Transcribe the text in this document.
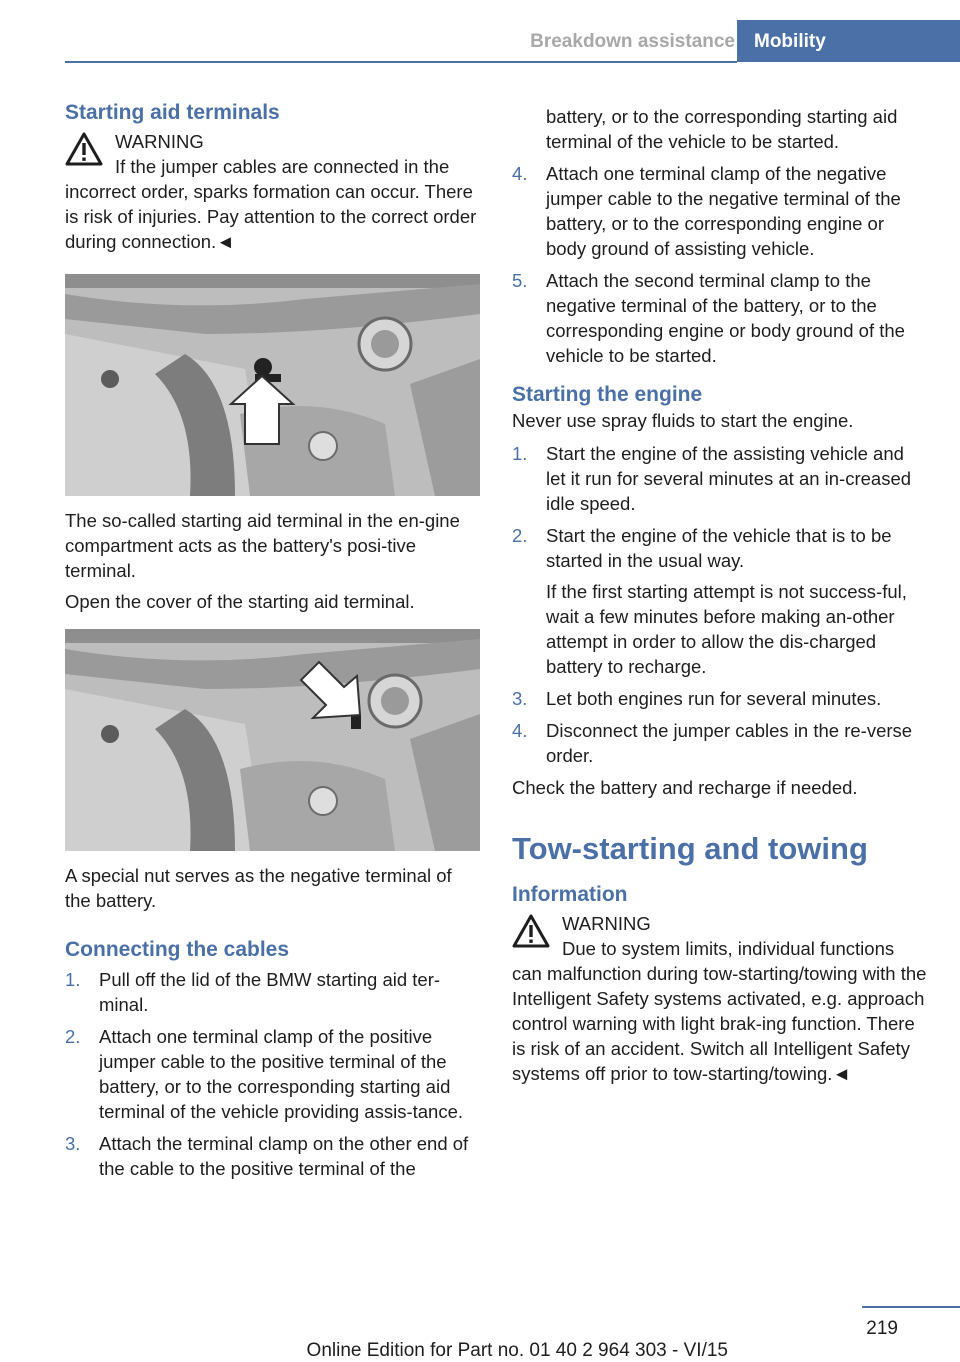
Breakdown assistance	Mobility
Starting aid terminals
WARNING

If the jumper cables are connected in the

incorrect order, sparks formation can occur. There is risk of injuries. Pay attention to the correct order during connection.◄

The so-called starting aid terminal in the en-gine compartment acts as the battery's posi-tive terminal.

Open the cover of the starting aid terminal.

A special nut serves as the negative terminal of the battery.

Connecting the cables
1. Pull off the lid of the BMW starting aid ter-minal.
2. Attach one terminal clamp of the positive jumper cable to the positive terminal of the battery, or to the corresponding starting aid terminal of the vehicle providing assis-tance.
3. Attach the terminal clamp on the other end of the cable to the positive terminal of the

battery, or to the corresponding starting aid terminal of the vehicle to be started.

4. Attach one terminal clamp of the negative jumper cable to the negative terminal of the battery, or to the corresponding engine or body ground of assisting vehicle.
5. Attach the second terminal clamp to the negative terminal of the battery, or to the corresponding engine or body ground of the vehicle to be started.
Starting the engine

Never use spray fluids to start the engine.

1. Start the engine of the assisting vehicle and let it run for several minutes at an in-creased idle speed.
2. Start the engine of the vehicle that is to be started in the usual way.
If the first starting attempt is not success-ful, wait a few minutes before making an-other attempt in order to allow the dis-charged battery to recharge.
3. Let both engines run for several minutes.
4. Disconnect the jumper cables in the re-verse order.

Check the battery and recharge if needed.

Tow-starting and towing
Information
WARNING

Due to system limits, individual functions

can malfunction during tow-starting/towing with the Intelligent Safety systems activated, e.g. approach control warning with light brak-ing function. There is risk of an accident. Switch all Intelligent Safety systems off prior to tow-starting/towing.◄

219
Online Edition for Part no. 01 40 2 964 303 - VI/15
